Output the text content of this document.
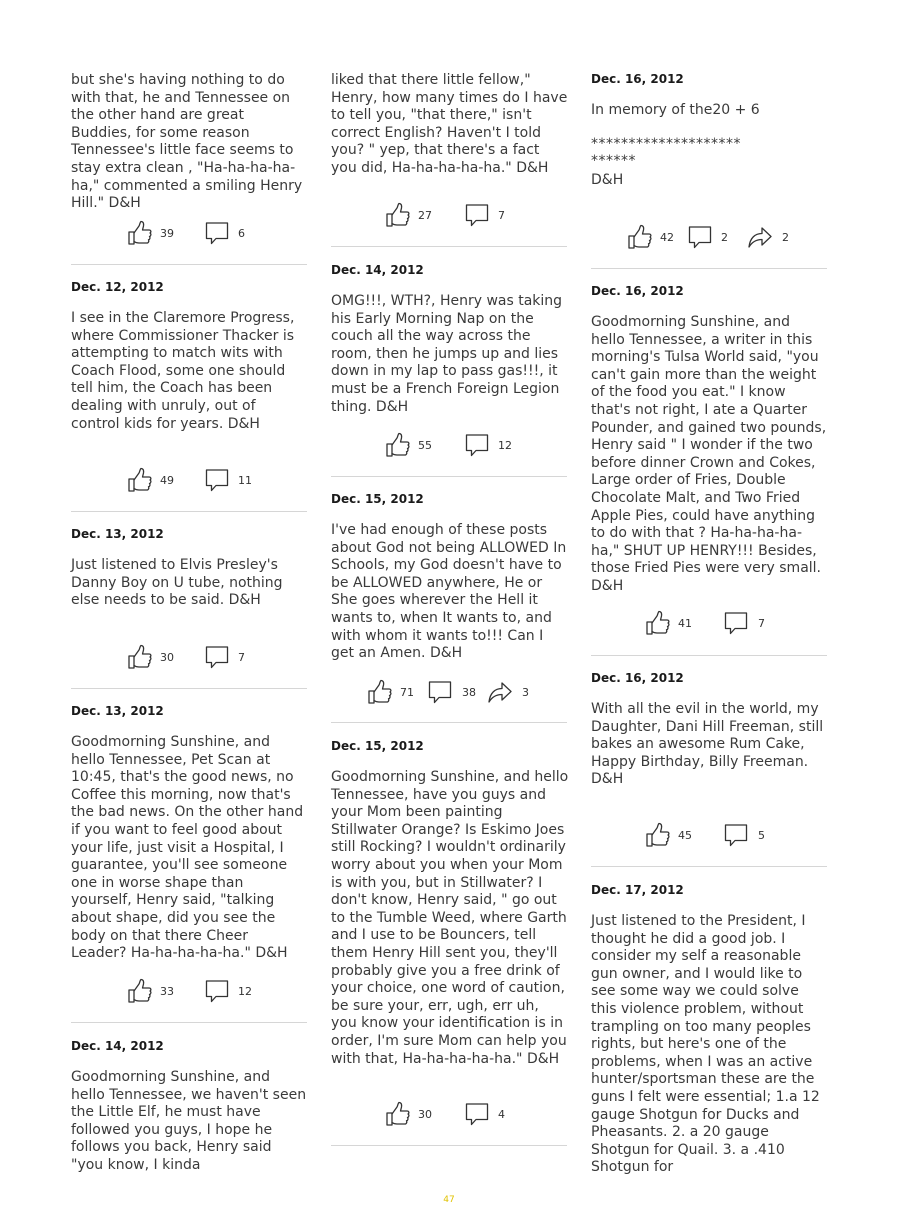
but she's having nothing to do with that, he and Tennessee on the other hand are great Buddies, for some reason Tennessee's little face seems to stay extra clean , "Ha-ha-ha-ha-ha," commented a smiling Henry Hill." D&H

39	6

Dec. 12, 2012

I see in the Claremore Progress, where Commissioner Thacker is attempting to match wits with Coach Flood, some one should tell him, the Coach has been dealing with unruly, out of control kids for years. D&H

49	11

Dec. 13, 2012

Just listened to Elvis Presley's Danny Boy on U tube, nothing else needs to be said. D&H

30	7

Dec. 13, 2012

Goodmorning Sunshine, and hello Tennessee, Pet Scan at 10:45, that's the good news, no Coffee this morning, now that's the bad news. On the other hand if you want to feel good about your life, just visit a Hospital, I guarantee, you'll see someone one in worse shape than yourself, Henry said, "talking about shape, did you see the body on that there Cheer Leader? Ha-ha-ha-ha-ha." D&H

33	12

Dec. 14, 2012

Goodmorning Sunshine, and hello Tennessee, we haven't seen the Little Elf, he must have followed you guys, I hope he follows you back, Henry said "you know, I kinda

liked that there little fellow," Henry, how many times do I have to tell you, "that there," isn't correct English? Haven't I told you? " yep, that there's a fact you did, Ha-ha-ha-ha-ha." D&H

27	7

Dec. 14, 2012

OMG!!!, WTH?, Henry was taking his Early Morning Nap on the couch all the way across the room, then he jumps up and lies down in my lap to pass gas!!!, it must be a French Foreign Legion thing. D&H

55	12

Dec. 15, 2012

I've had enough of these posts about God not being ALLOWED In Schools, my God doesn't have to be ALLOWED anywhere, He or She goes wherever the Hell it wants to, when It wants to, and with whom it wants to!!! Can I get an Amen. D&H

71	38	3

Dec. 15, 2012

Goodmorning Sunshine, and hello Tennessee, have you guys and your Mom been painting Stillwater Orange? Is Eskimo Joes still Rocking? I wouldn't ordinarily worry about you when your Mom is with you, but in Stillwater? I don't know, Henry said, " go out to the Tumble Weed, where Garth and I use to be Bouncers, tell them Henry Hill sent you, they'll probably give you a free drink of your choice, one word of caution, be sure your, err, ugh, err uh, you know your identification is in order, I'm sure Mom can help you with that, Ha-ha-ha-ha-ha." D&H

30	4

Dec. 16, 2012

In memory of the20 + 6

********************

******

D&H

42	2	2

Dec. 16, 2012

Goodmorning Sunshine, and hello Tennessee, a writer in this morning's Tulsa World said, "you can't gain more than the weight of the food you eat." I know that's not right, I ate a Quarter Pounder, and gained two pounds, Henry said " I wonder if the two before dinner Crown and Cokes, Large order of Fries, Double Chocolate Malt, and Two Fried Apple Pies, could have anything to do with that ? Ha-ha-ha-ha-ha," SHUT UP HENRY!!! Besides, those Fried Pies were very small. D&H

41	7

Dec. 16, 2012

With all the evil in the world, my Daughter, Dani Hill Freeman, still bakes an awesome Rum Cake, Happy Birthday, Billy Freeman. D&H

45	5

Dec. 17, 2012

Just listened to the President, I thought he did a good job. I consider my self a reasonable gun owner, and I would like to see some way we could solve this violence problem, without trampling on too many peoples rights, but here's one of the problems, when I was an active hunter/sportsman these are the guns I felt were essential; 1.a 12 gauge Shotgun for Ducks and Pheasants. 2. a 20 gauge Shotgun for Quail. 3. a .410 Shotgun for

47
